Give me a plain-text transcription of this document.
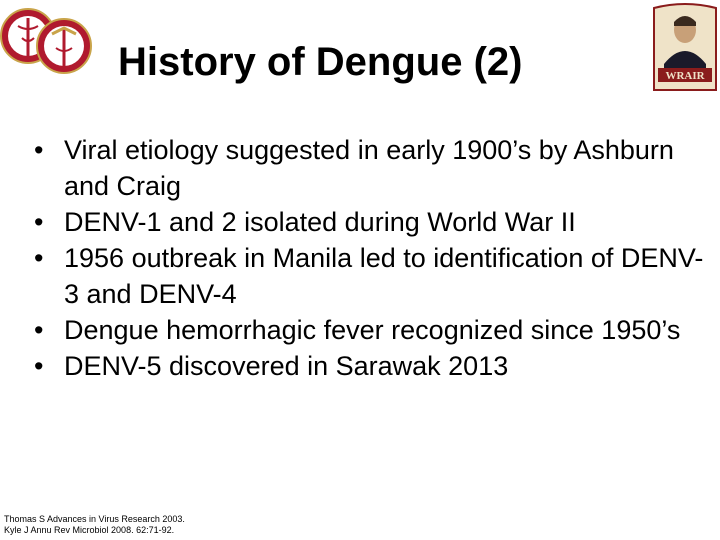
WRAIR
History of Dengue (2)
• Viral etiology suggested in early 1900’s by Ashburn and Craig
• DENV-1 and 2 isolated during World War II
• 1956 outbreak in Manila led to identification of DENV-3 and DENV-4
• Dengue hemorrhagic fever recognized since 1950’s
• DENV-5 discovered in Sarawak 2013
Thomas S Advances in Virus Research 2003.
Kyle J Annu Rev Microbiol 2008. 62:71-92.
